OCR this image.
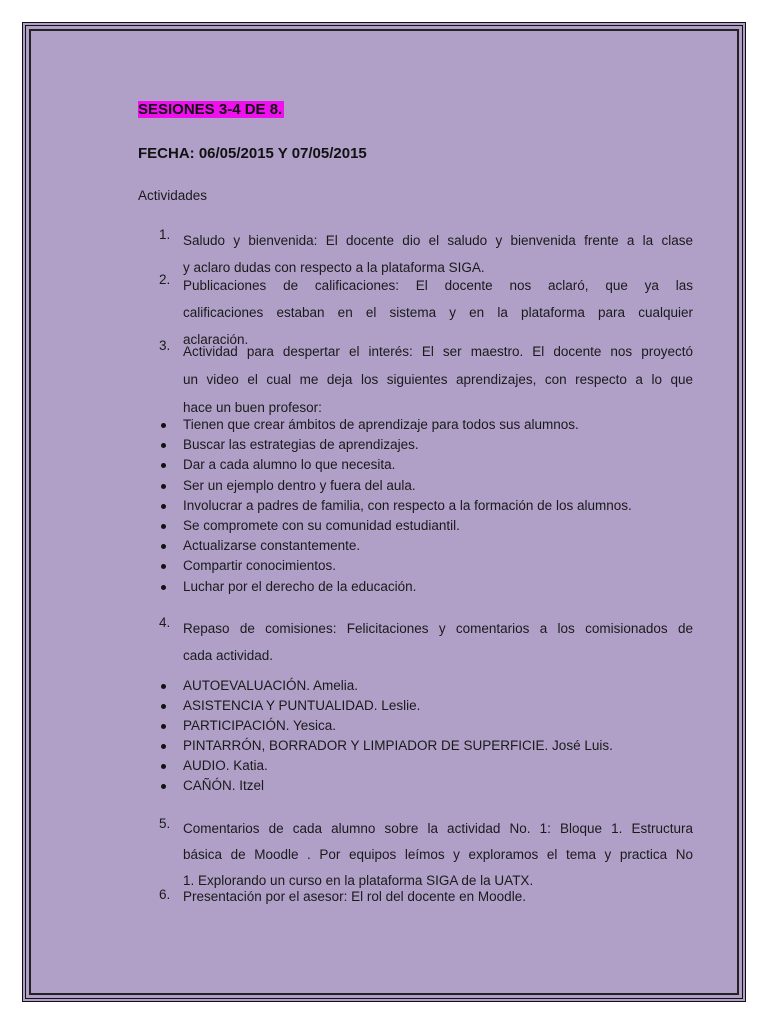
SESIONES 3-4 DE 8.
FECHA: 06/05/2015 Y 07/05/2015
Actividades
1. Saludo y bienvenida: El docente dio el saludo y bienvenida frente a la clase
y aclaro dudas con respecto a la plataforma SIGA.
2. Publicaciones de calificaciones: El docente nos aclaró, que ya las
calificaciones estaban en el sistema y en la plataforma para cualquier
aclaración.
3. Actividad para despertar el interés: El ser maestro. El docente nos proyectó
un video el cual me deja los siguientes aprendizajes, con respecto a lo que
hace un buen profesor:
4. Repaso de comisiones: Felicitaciones y comentarios a los comisionados de
cada actividad.
5. Comentarios de cada alumno sobre la actividad No. 1: Bloque 1. Estructura
básica de Moodle . Por equipos leímos y exploramos el tema y practica No
1. Explorando un curso en la plataforma SIGA de la UATX.
6. Presentación por el asesor: El rol del docente en Moodle.
Tienen que crear ámbitos de aprendizaje para todos sus alumnos.
Buscar las estrategias de aprendizajes.
Dar a cada alumno lo que necesita.
Ser un ejemplo dentro y fuera del aula.
Involucrar a padres de familia, con respecto a la formación de los alumnos.
Se compromete con su comunidad estudiantil.
Actualizarse constantemente.
Compartir conocimientos.
Luchar por el derecho de la educación.
AUTOEVALUACIÓN. Amelia.
ASISTENCIA Y PUNTUALIDAD. Leslie.
PARTICIPACIÓN. Yesica.
PINTARRÓN, BORRADOR Y LIMPIADOR DE SUPERFICIE. José Luis.
AUDIO. Katia.
CAÑÓN. Itzel
